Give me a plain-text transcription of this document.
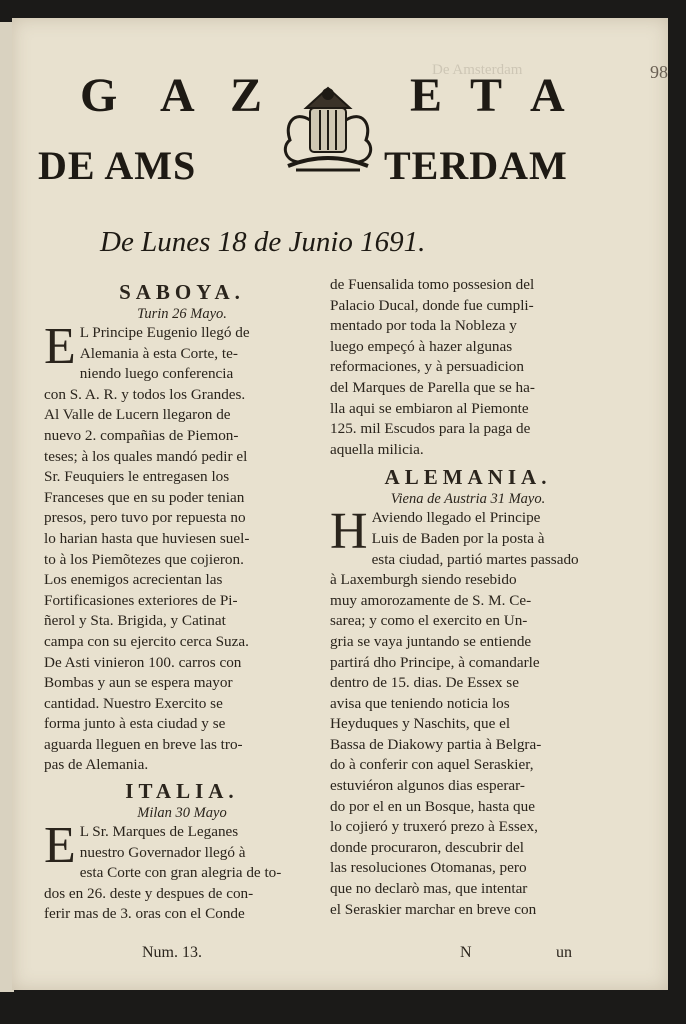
De Amsterdam	98
G A Z	E T A
DE AMS	TERDAM
De Lunes 18 de Junio 1691.
SABOYA.
Turin 26 Mayo.
E L Principe Eugenio llegó de
Alemania à esta Corte, te-
niendo luego conferencia
con S. A. R. y todos los Grandes.
Al Valle de Lucern llegaron de
nuevo 2. compañias de Piemon-
teses; à los quales mandó pedir el
Sr. Feuquiers le entregasen los
Franceses que en su poder tenian
presos, pero tuvo por repuesta no
lo harian hasta que huviesen suel-
to à los Piemõtezes que cojieron.
Los enemigos acrecientan las
Fortificasiones exteriores de Pi-
ñerol y Sta. Brigida, y Catinat
campa con su ejercito cerca Suza.
De Asti vinieron 100. carros con
Bombas y aun se espera mayor
cantidad. Nuestro Exercito se
forma junto à esta ciudad y se
aguarda lleguen en breve las tro-
pas de Alemania.
ITALIA.
Milan 30 Mayo
E L Sr. Marques de Leganes
nuestro Governador llegó à
esta Corte con gran alegria de to-
dos en 26. deste y despues de con-
ferir mas de 3. oras con el Conde
de Fuensalida tomo possesion del
Palacio Ducal, donde fue cumpli-
mentado por toda la Nobleza y
luego empeçó à hazer algunas
reformaciones, y à persuadicion
del Marques de Parella que se ha-
lla aqui se embiaron al Piemonte
125. mil Escudos para la paga de
aquella milicia.
ALEMANIA.
Viena de Austria 31 Mayo.
H Aviendo llegado el Principe
Luis de Baden por la posta à
esta ciudad, partió martes passado
à Laxemburgh siendo resebido
muy amorozamente de S. M. Ce-
sarea; y como el exercito en Un-
gria se vaya juntando se entiende
partirá dho Principe, à comandarle
dentro de 15. dias. De Essex se
avisa que teniendo noticia los
Heyduques y Naschits, que el
Bassa de Diakowy partia à Belgra-
do à conferir con aquel Seraskier,
estuviéron algunos dias esperar-
do por el en un Bosque, hasta que
lo cojieró y truxeró prezo à Essex,
donde procuraron, descubrir del
las resoluciones Otomanas, pero
que no declarò mas, que intentar
el Seraskier marchar en breve con
Num. 13.	N	un
